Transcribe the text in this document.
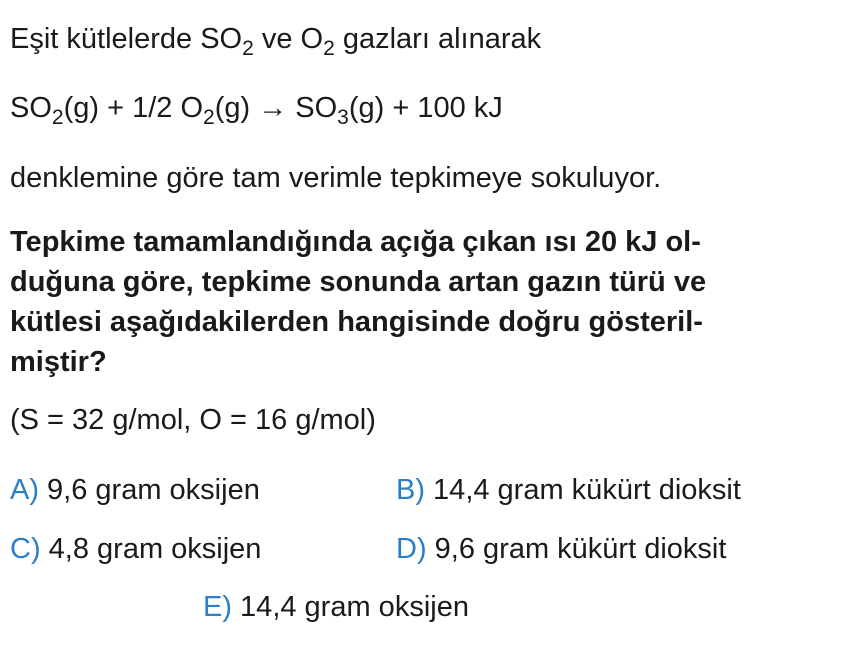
Eşit kütlelerde $SO_2$ ve $O_2$ gazları alınarak
$SO_2(g) + 1/2$ $O_2(g) \to SO_3(g) + 100$ kJ
denklemine göre tam verimle tepkimeye sokuluyor.
Tepkime tamamlandığında açığa çıkan ısı 20 kJ ol-
duğuna göre, tepkime sonunda artan gazın türü ve
kütlesi aşağıdakilerden hangisinde doğru gösteril-
miştir?
(S = 32 g/mol, O = 16 g/mol)
A) 9,6 gram oksijen	B) 14,4 gram kükürt dioksit
C) 4,8 gram oksijen	D) 9,6 gram kükürt dioksit
E) 14,4 gram oksijen
